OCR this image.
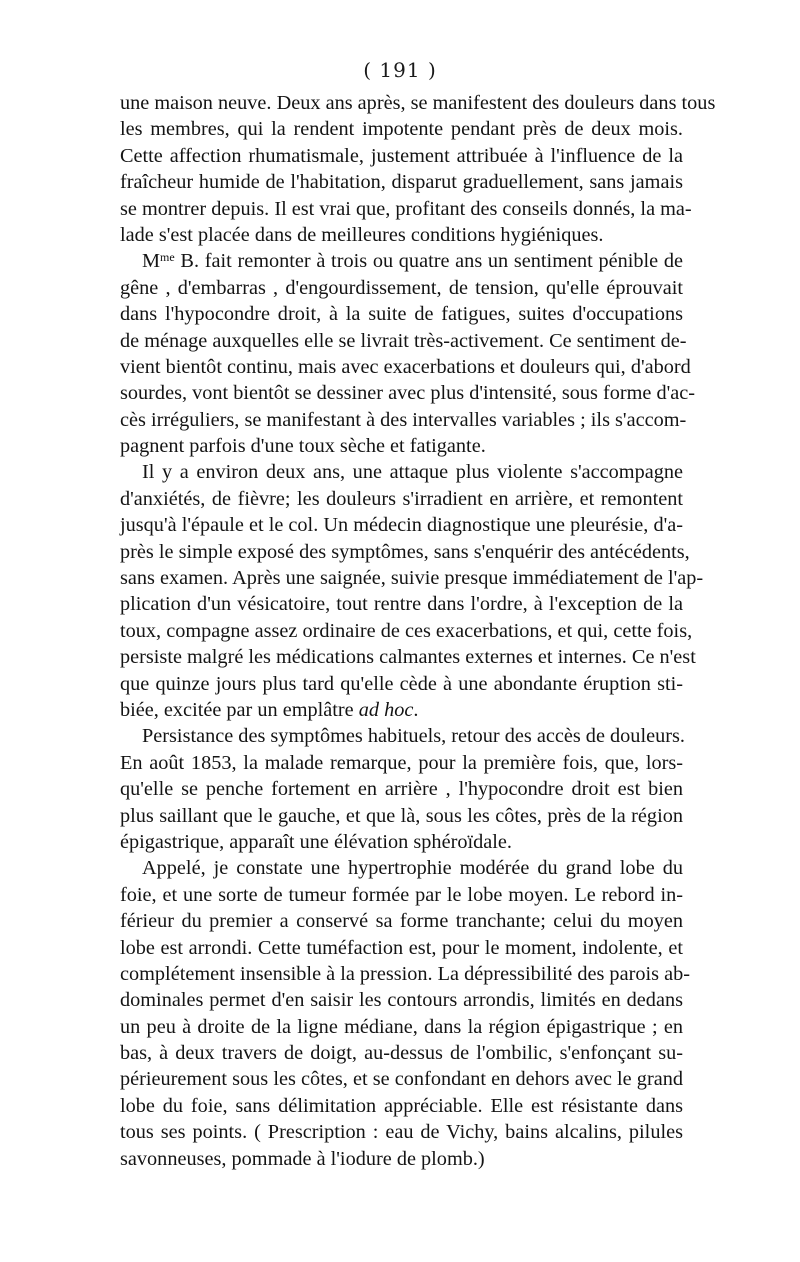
( 191 )
une maison neuve. Deux ans après, se manifestent des douleurs dans tous
les membres, qui la rendent impotente pendant près de deux mois.
Cette affection rhumatismale, justement attribuée à l'influence de la
fraîcheur humide de l'habitation, disparut graduellement, sans jamais
se montrer depuis. Il est vrai que, profitant des conseils donnés, la ma-
lade s'est placée dans de meilleures conditions hygiéniques.
$M^{me}$ B. fait remonter à trois ou quatre ans un sentiment pénible de
gêne , d'embarras , d'engourdissement, de tension, qu'elle éprouvait
dans l'hypocondre droit, à la suite de fatigues, suites d'occupations
de ménage auxquelles elle se livrait très-activement. Ce sentiment de-
vient bientôt continu, mais avec exacerbations et douleurs qui, d'abord
sourdes, vont bientôt se dessiner avec plus d'intensité, sous forme d'ac-
cès irréguliers, se manifestant à des intervalles variables ; ils s'accom-
pagnent parfois d'une toux sèche et fatigante.
Il y a environ deux ans, une attaque plus violente s'accompagne
d'anxiétés, de fièvre; les douleurs s'irradient en arrière, et remontent
jusqu'à l'épaule et le col. Un médecin diagnostique une pleurésie, d'a-
près le simple exposé des symptômes, sans s'enquérir des antécédents,
sans examen. Après une saignée, suivie presque immédiatement de l'ap-
plication d'un vésicatoire, tout rentre dans l'ordre, à l'exception de la
toux, compagne assez ordinaire de ces exacerbations, et qui, cette fois,
persiste malgré les médications calmantes externes et internes. Ce n'est
que quinze jours plus tard qu'elle cède à une abondante éruption sti-
biée, excitée par un emplâtre ad hoc.
Persistance des symptômes habituels, retour des accès de douleurs.
En août 1853, la malade remarque, pour la première fois, que, lors-
qu'elle se penche fortement en arrière , l'hypocondre droit est bien
plus saillant que le gauche, et que là, sous les côtes, près de la région
épigastrique, apparaît une élévation sphéroïdale.
Appelé, je constate une hypertrophie modérée du grand lobe du
foie, et une sorte de tumeur formée par le lobe moyen. Le rebord in-
férieur du premier a conservé sa forme tranchante; celui du moyen
lobe est arrondi. Cette tuméfaction est, pour le moment, indolente, et
complétement insensible à la pression. La dépressibilité des parois ab-
dominales permet d'en saisir les contours arrondis, limités en dedans
un peu à droite de la ligne médiane, dans la région épigastrique ; en
bas, à deux travers de doigt, au-dessus de l'ombilic, s'enfonçant su-
périeurement sous les côtes, et se confondant en dehors avec le grand
lobe du foie, sans délimitation appréciable. Elle est résistante dans
tous ses points. ( Prescription : eau de Vichy, bains alcalins, pilules
savonneuses, pommade à l'iodure de plomb.)
